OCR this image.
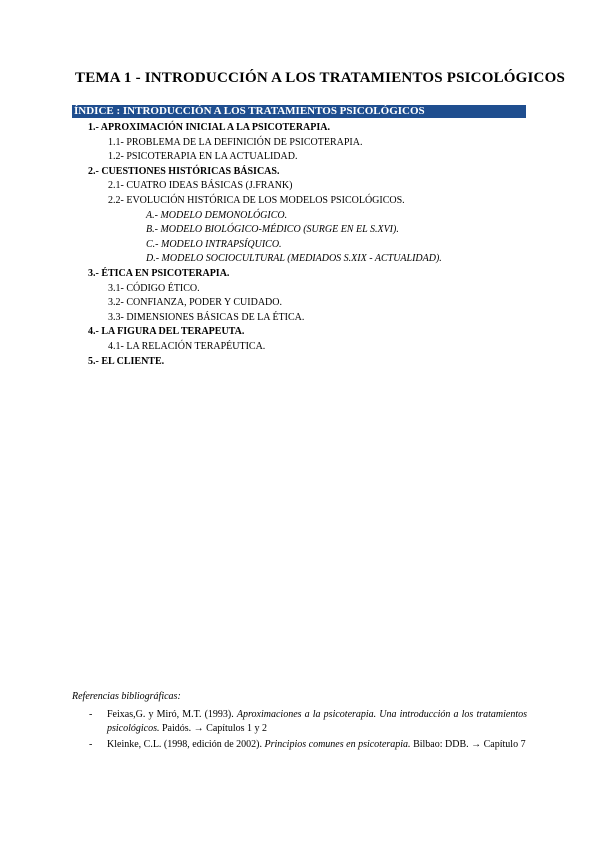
TEMA 1 - INTRODUCCIÓN A LOS TRATAMIENTOS PSICOLÓGICOS
ÍNDICE : INTRODUCCIÓN A LOS TRATAMIENTOS PSICOLÓGICOS
1.- APROXIMACIÓN INICIAL A LA PSICOTERAPIA.
1.1- PROBLEMA DE LA DEFINICIÓN DE PSICOTERAPIA.
1.2- PSICOTERAPIA EN LA ACTUALIDAD.
2.- CUESTIONES HISTÓRICAS BÁSICAS.
2.1- CUATRO IDEAS BÁSICAS (J.FRANK)
2.2- EVOLUCIÓN HISTÓRICA DE LOS MODELOS PSICOLÓGICOS.
A.- MODELO DEMONOLÓGICO.
B.- MODELO BIOLÓGICO-MÉDICO (SURGE EN EL S.XVI).
C.- MODELO INTRAPSÍQUICO.
D.- MODELO SOCIOCULTURAL (MEDIADOS S.XIX - ACTUALIDAD).
3.- ÉTICA EN PSICOTERAPIA.
3.1- CÓDIGO ÉTICO.
3.2- CONFIANZA, PODER Y CUIDADO.
3.3- DIMENSIONES BÁSICAS DE LA ÉTICA.
4.- LA FIGURA DEL TERAPEUTA.
4.1- LA RELACIÓN TERAPÉUTICA.
5.- EL CLIENTE.
Referencias bibliográficas:
- Feixas,G. y Miró, M.T. (1993). Aproximaciones a la psicoterapia. Una introducción a los tratamientos psicológicos. Paidós. → Capítulos 1 y 2
- Kleinke, C.L. (1998, edición de 2002). Principios comunes en psicoterapia. Bilbao: DDB. → Capítulo 7
